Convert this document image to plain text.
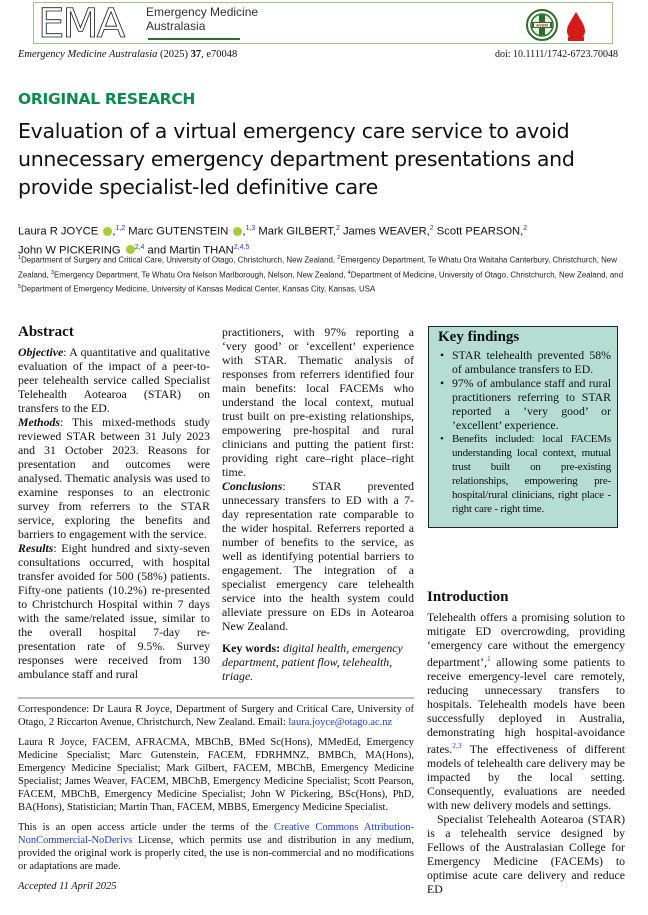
EMA Emergency Medicine
Australasia	ACEM
Emergency Medicine Australasia (2025) 37, e70048	doi: 10.1111/1742-6723.70048
ORIGINAL RESEARCH
Evaluation of a virtual emergency care service to avoid unnecessary emergency department presentations and provide specialist-led definitive care
Laura R JOYCE ,$^{1,2}$ Marc GUTENSTEIN ,$^{1,3}$ Mark GILBERT,$^2$ James WEAVER,$^2$ Scott PEARSON,$^2$
John W PICKERING $^{2,4}$ and Martin THAN$^{2,4,5}$
$^1$Department of Surgery and Critical Care, University of Otago, Christchurch, New Zealand, $^2$Emergency Department, Te Whatu Ora Waitaha Canterbury, Christchurch, New Zealand, $^3$Emergency Department, Te Whatu Ora Nelson Marlborough, Nelson, New Zealand, $^4$Department of Medicine, University of Otago, Christchurch, New Zealand, and $^5$Department of Emergency Medicine, University of Kansas Medical Center, Kansas City, Kansas, USA
Abstract

Objective: A quantitative and qualitative evaluation of the impact of a peer-to-peer telehealth service called Specialist Telehealth Aotearoa (STAR) on transfers to the ED.
Methods: This mixed-methods study reviewed STAR between 31 July 2023 and 31 October 2023. Reasons for presentation and outcomes were analysed. Thematic analysis was used to examine responses to an electronic survey from referrers to the STAR service, exploring the benefits and barriers to engagement with the service.
Results: Eight hundred and sixty-seven consultations occurred, with hospital transfer avoided for 500 (58%) patients. Fifty-one patients (10.2%) re-presented to Christchurch Hospital within 7 days with the same/related issue, similar to the overall hospital 7-day re-presentation rate of 9.5%. Survey responses were received from 130 ambulance staff and rural

practitioners, with 97% reporting a ‘very good’ or ‘excellent’ experience with STAR. Thematic analysis of responses from referrers identified four main benefits: local FACEMs who understand the local context, mutual trust built on pre-existing relationships, empowering pre-hospital and rural clinicians and putting the patient first: providing right care–right place–right time.
Conclusions: STAR prevented unnecessary transfers to ED with a 7-day representation rate comparable to the wider hospital. Referrers reported a number of benefits to the service, as well as identifying potential barriers to engagement. The integration of a specialist emergency care telehealth service into the health system could alleviate pressure on EDs in Aotearoa New Zealand.

Key words: digital health, emergency department, patient flow, telehealth, triage.

Key findings
• STAR telehealth prevented 58% of ambulance transfers to ED.
• 97% of ambulance staff and rural practitioners referring to STAR reported a ’very good’ or ’excellent’ experience.
• Benefits included: local FACEMs understanding local context, mutual trust built on pre-existing relationships, empowering pre-hospital/rural clinicians, right place - right care - right time.
Introduction

Telehealth offers a promising solution to mitigate ED overcrowding, providing ‘emergency care without the emergency department’,$^1$ allowing some patients to receive emergency-level care remotely, reducing unnecessary transfers to hospitals. Telehealth models have been successfully deployed in Australia, demonstrating high hospital-avoidance rates.$^{2,3}$ The effectiveness of different models of telehealth care delivery may be impacted by the local setting. Consequently, evaluations are needed with new delivery models and settings.

Specialist Telehealth Aotearoa (STAR) is a telehealth service designed by Fellows of the Australasian College for Emergency Medicine (FACEMs) to optimise acute care delivery and reduce ED

Correspondence: Dr Laura R Joyce, Department of Surgery and Critical Care, University of Otago, 2 Riccarton Avenue, Christchurch, New Zealand. Email: laura.joyce@otago.ac.nz

Laura R Joyce, FACEM, AFRACMA, MBChB, BMed Sc(Hons), MMedEd, Emergency Medicine Specialist; Marc Gutenstein, FACEM, FDRHMNZ, BMBCh, MA(Hons), Emergency Medicine Specialist; Mark Gilbert, FACEM, MBChB, Emergency Medicine Specialist; James Weaver, FACEM, MBChB, Emergency Medicine Specialist; Scott Pearson, FACEM, MBChB, Emergency Medicine Specialist; John W Pickering, BSc(Hons), PhD, BA(Hons), Statistician; Martin Than, FACEM, MBBS, Emergency Medicine Specialist.

This is an open access article under the terms of the Creative Commons Attribution-NonCommercial-NoDerivs License, which permits use and distribution in any medium, provided the original work is properly cited, the use is non-commercial and no modifications or adaptations are made.

Accepted 11 April 2025
